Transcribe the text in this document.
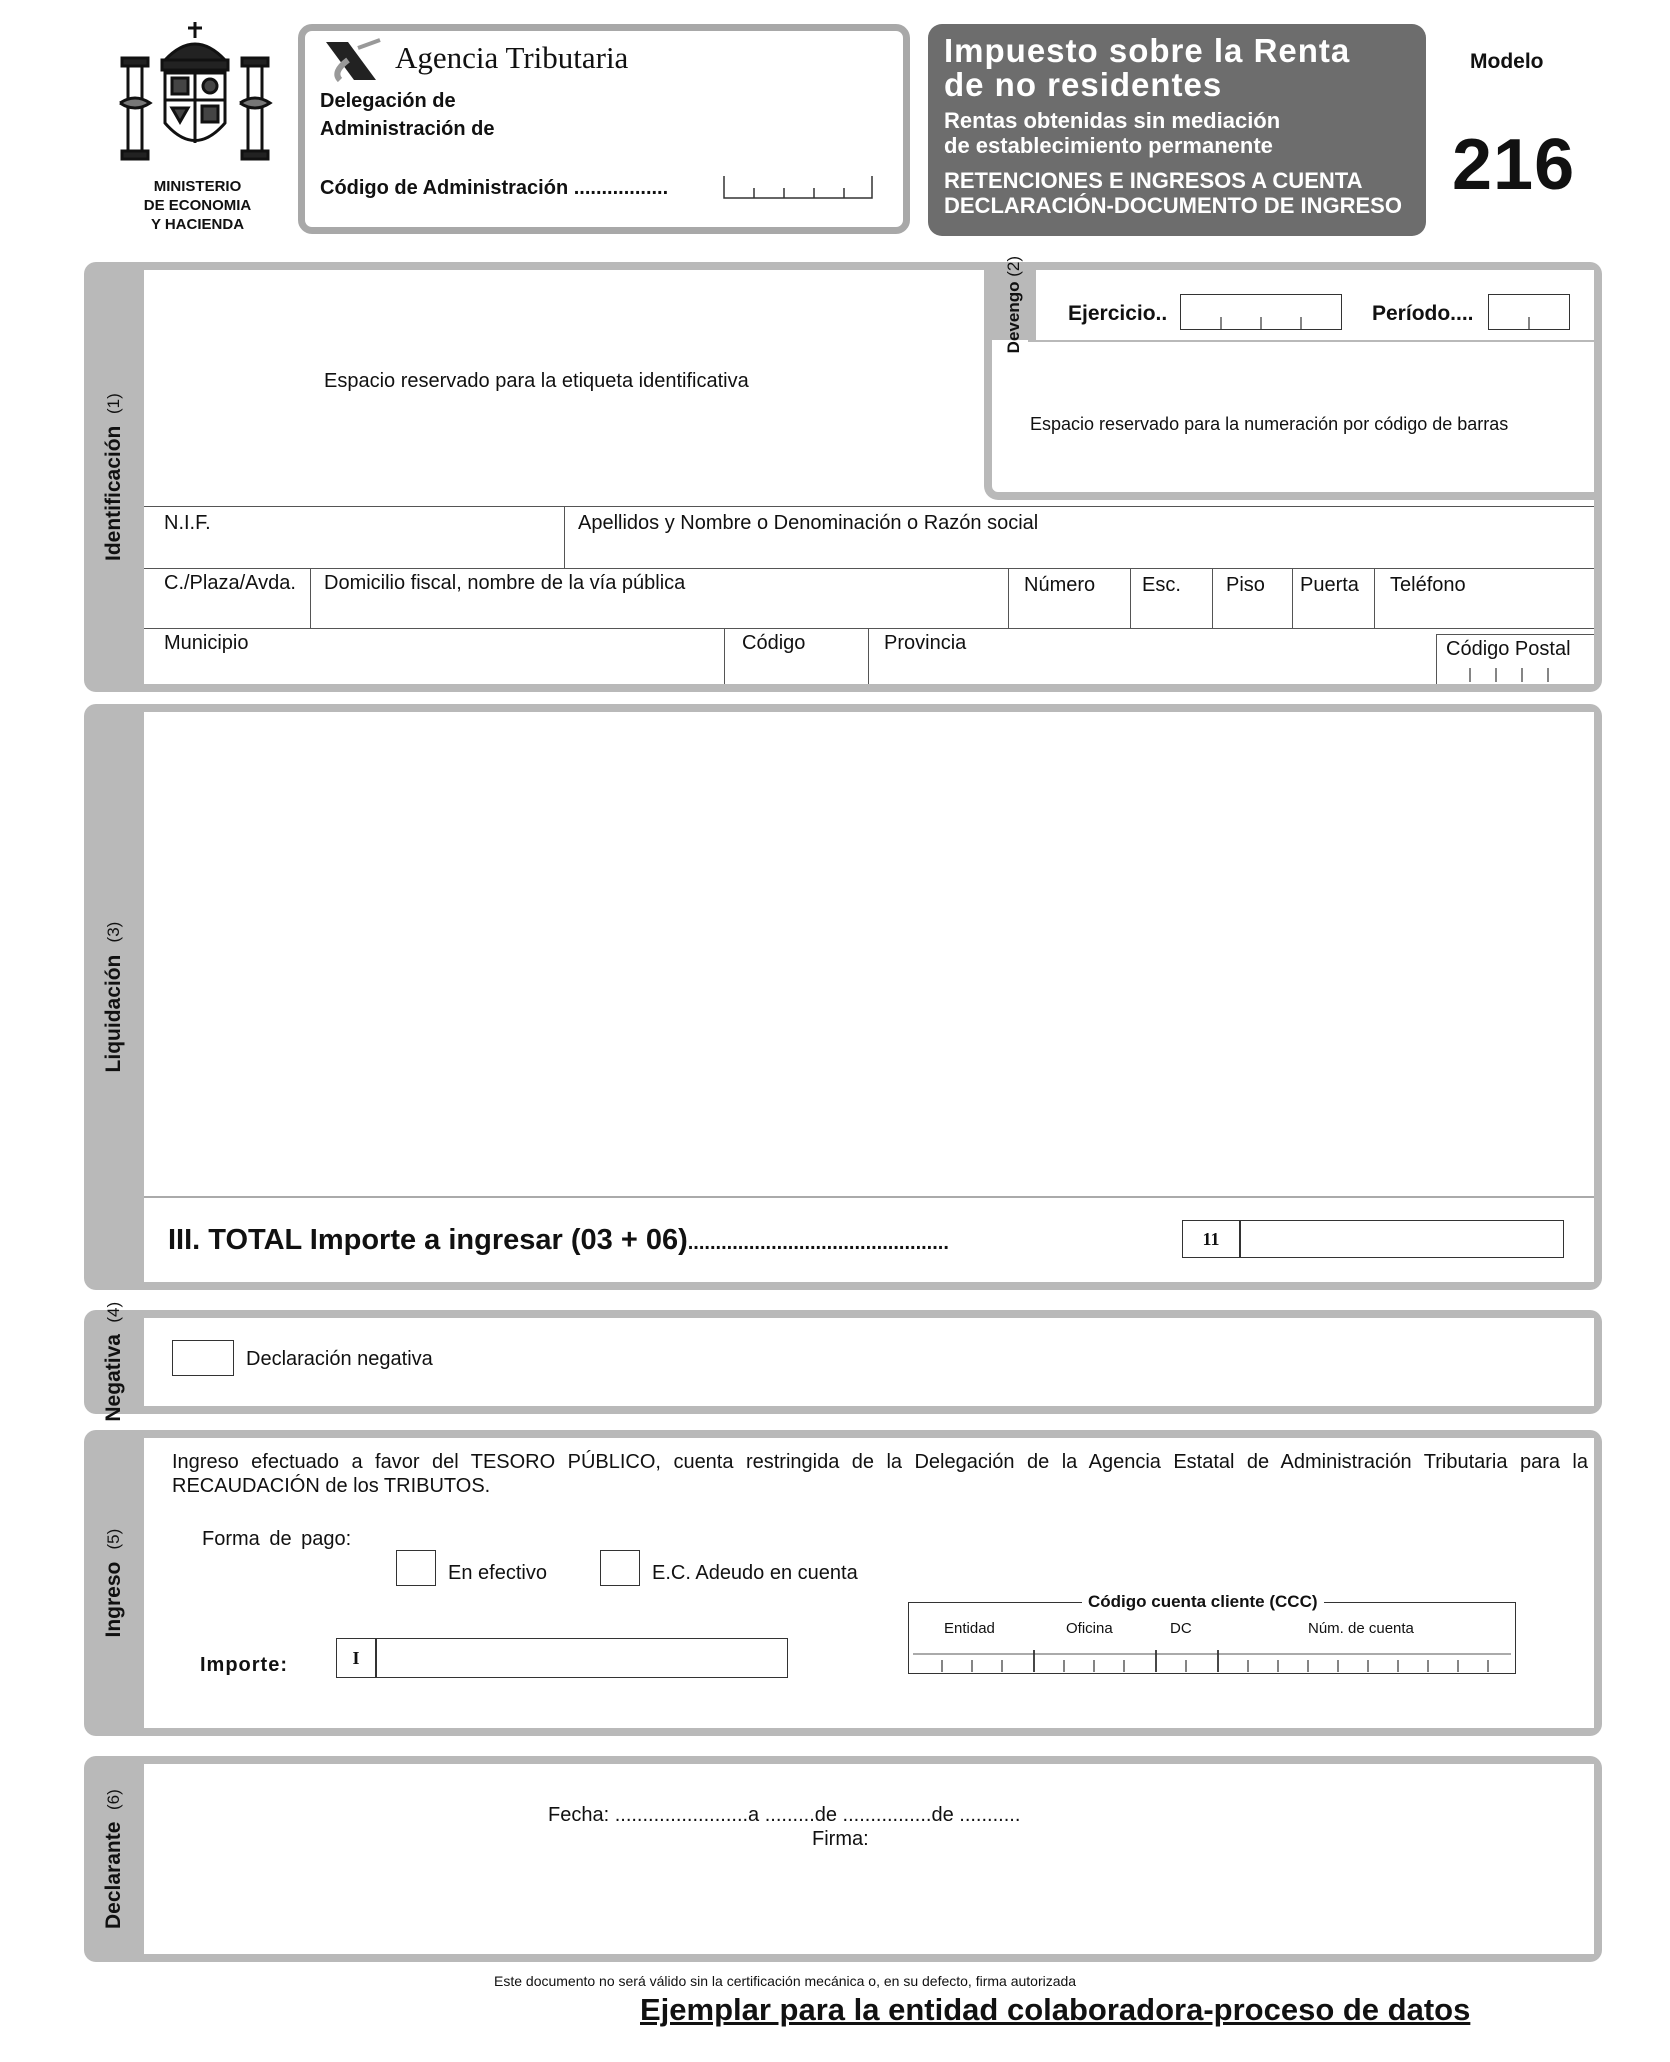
MINISTERIO
DE ECONOMIA
Y HACIENDA
Agencia Tributaria
Delegación de
Administración de
Código de Administración .................
Impuesto sobre la Renta
de no residentes
Rentas obtenidas sin mediación
de establecimiento permanente
RETENCIONES E INGRESOS A CUENTA
DECLARACIÓN-DOCUMENTO DE INGRESO
Modelo
216
Identificación (1)
Espacio reservado para la etiqueta identificativa
Devengo (2)
Ejercicio..	Período....
Espacio reservado para la numeración por código de barras
N.I.F.	Apellidos y Nombre o Denominación o Razón social
C./Plaza/Avda. Domicilio fiscal, nombre de la vía pública	Número Esc. Piso Puerta Teléfono
Municipio	Código	Provincia	Código Postal
Liquidación (3)
III. TOTAL Importe a ingresar (03 + 06)...............................................	11
Negativa (4)
Declaración negativa
Ingreso (5)
Ingreso efectuado a favor del TESORO PÚBLICO, cuenta restringida de la Delegación de la Agencia Estatal de Administración Tributaria para la RECAUDACIÓN de los TRIBUTOS.
Forma de pago:
En efectivo	E.C. Adeudo en cuenta
Código cuenta cliente (CCC)
Entidad	Oficina	DC	Núm. de cuenta
Importe:	I
Declarante (6)
Fecha: ........................a .........de ................de ...........
Firma:
Este documento no será válido sin la certificación mecánica o, en su defecto, firma autorizada
Ejemplar para la entidad colaboradora-proceso de datos
